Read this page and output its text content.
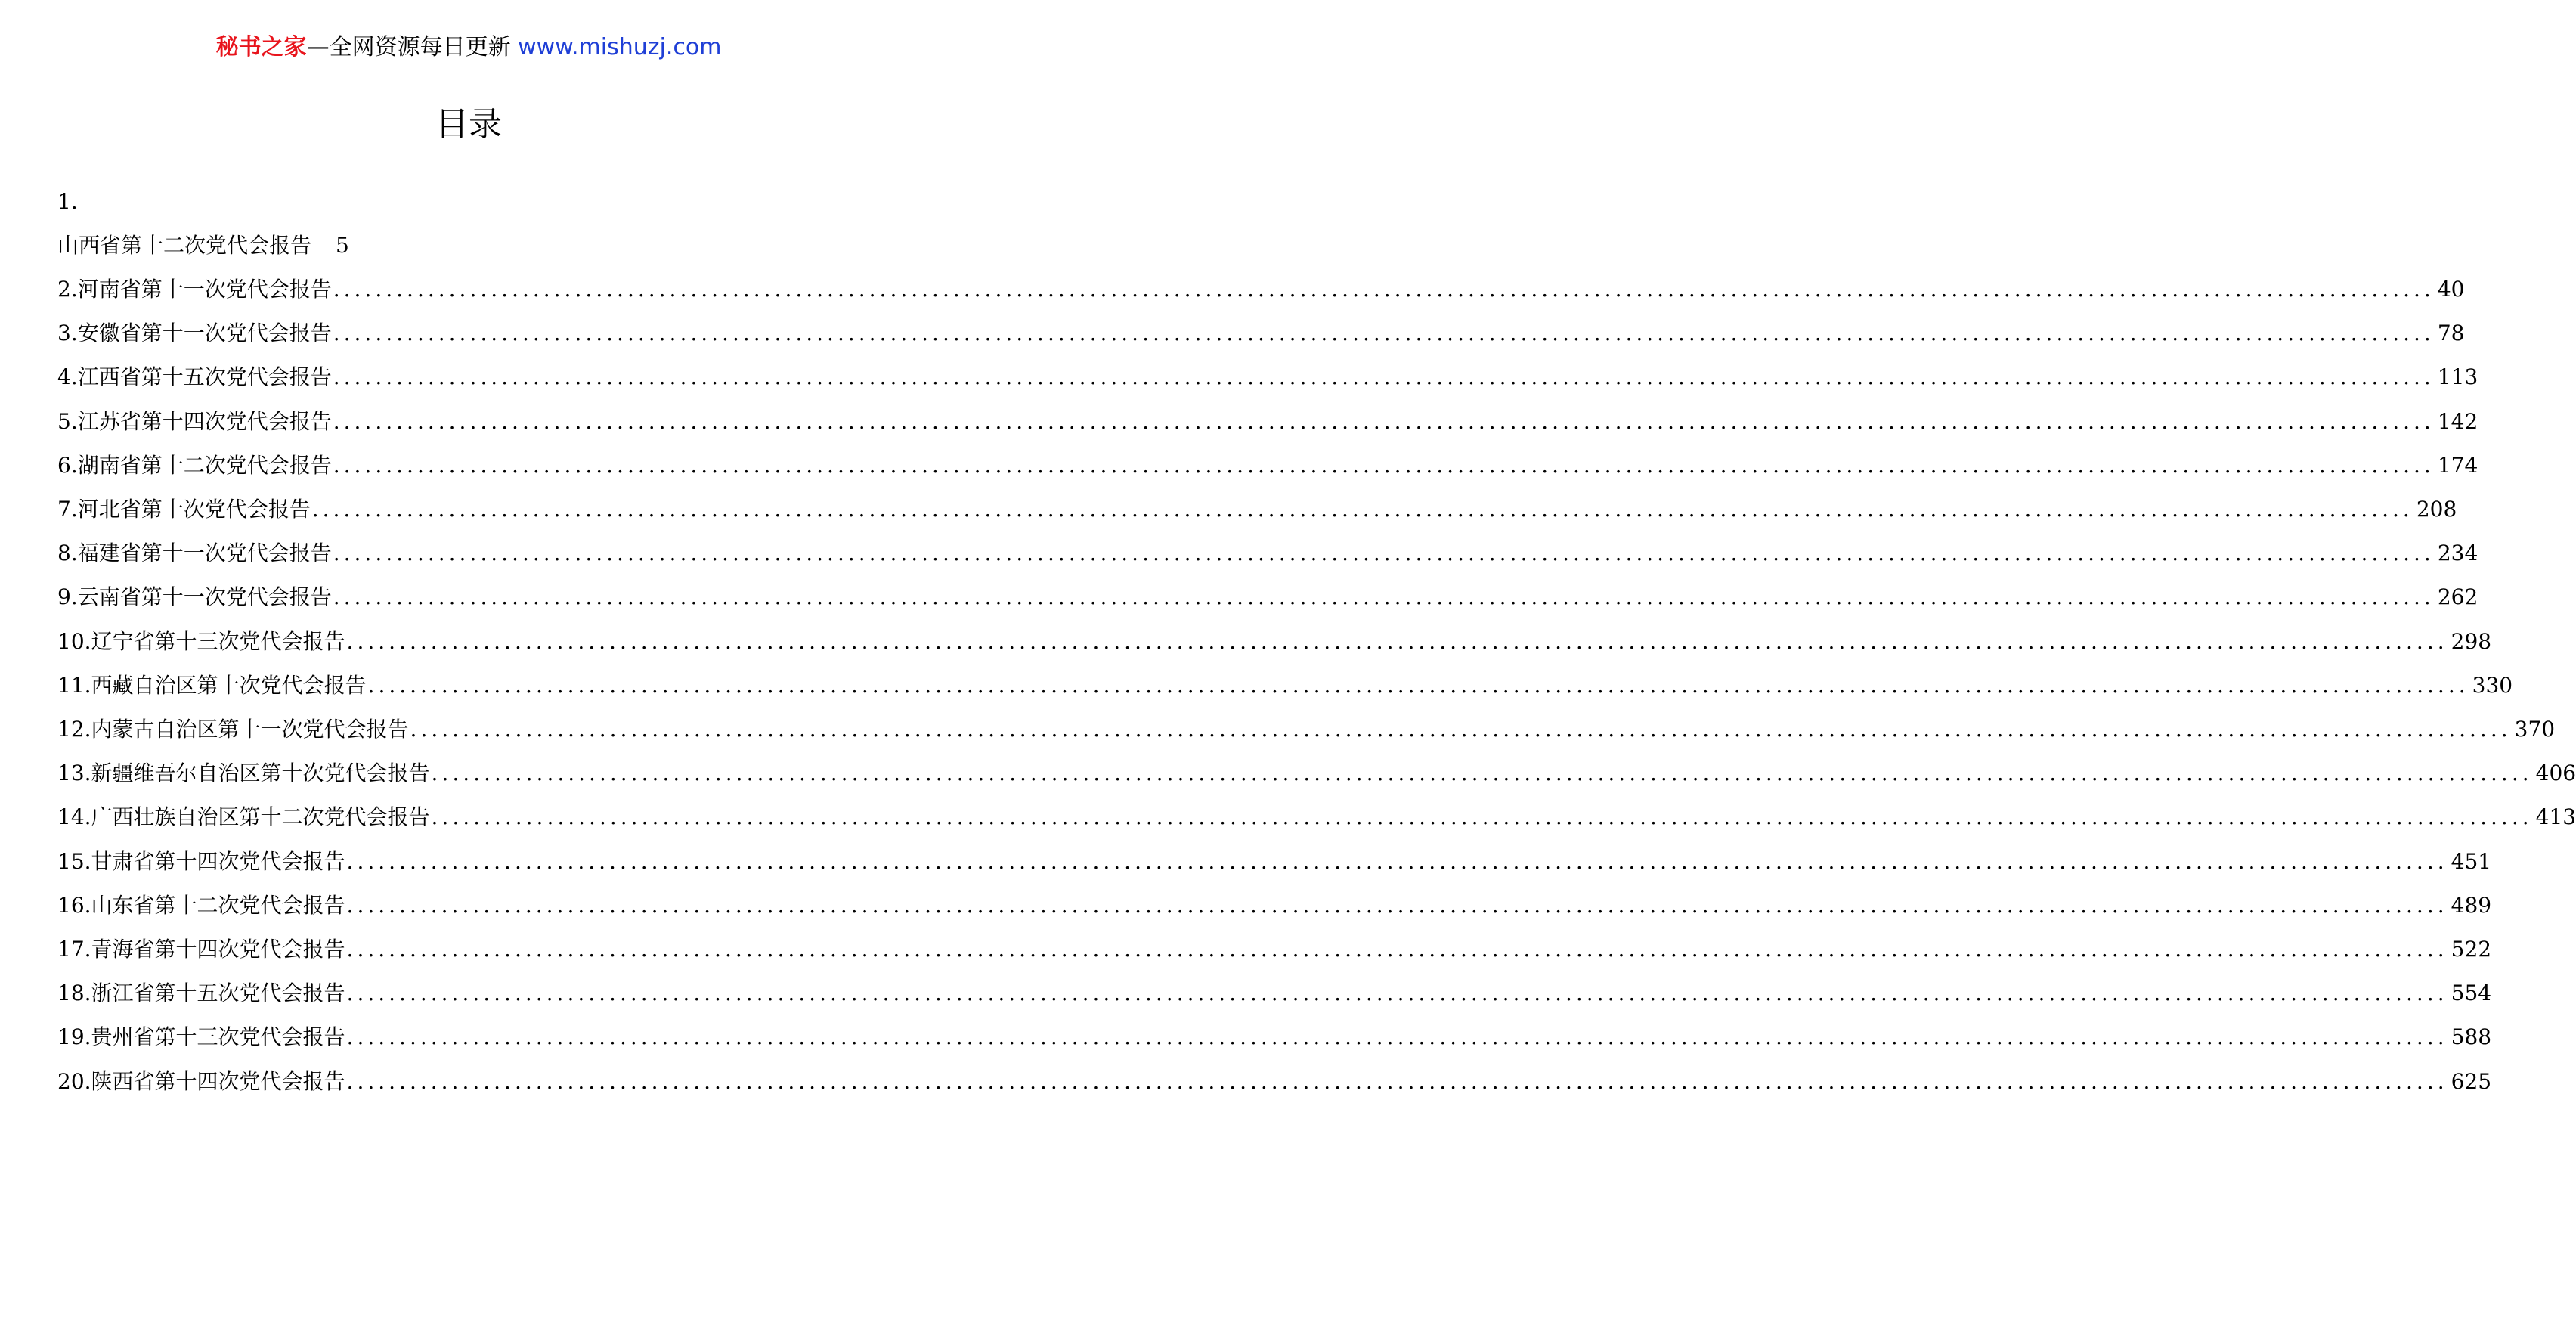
秘书之家—全网资源每日更新 www.mishuzj.com
目录
1.
山西省第十二次党代会报告 5
2. 河南省第十一次党代会报告 ........................................................................................................................................................................................................ 40
3. 安徽省第十一次党代会报告 ........................................................................................................................................................................................................ 78
4. 江西省第十五次党代会报告 ........................................................................................................................................................................................................ 113
5. 江苏省第十四次党代会报告 ........................................................................................................................................................................................................ 142
6. 湖南省第十二次党代会报告 ........................................................................................................................................................................................................ 174
7. 河北省第十次党代会报告 ........................................................................................................................................................................................................ 208
8. 福建省第十一次党代会报告 ........................................................................................................................................................................................................ 234
9. 云南省第十一次党代会报告 ........................................................................................................................................................................................................ 262
10. 辽宁省第十三次党代会报告 ........................................................................................................................................................................................................ 298
11. 西藏自治区第十次党代会报告 ........................................................................................................................................................................................................ 330
12. 内蒙古自治区第十一次党代会报告 ........................................................................................................................................................................................................ 370
13. 新疆维吾尔自治区第十次党代会报告 ........................................................................................................................................................................................................ 406
14. 广西壮族自治区第十二次党代会报告 ........................................................................................................................................................................................................ 413
15. 甘肃省第十四次党代会报告 ........................................................................................................................................................................................................ 451
16. 山东省第十二次党代会报告 ........................................................................................................................................................................................................ 489
17. 青海省第十四次党代会报告 ........................................................................................................................................................................................................ 522
18. 浙江省第十五次党代会报告 ........................................................................................................................................................................................................ 554
19. 贵州省第十三次党代会报告 ........................................................................................................................................................................................................ 588
20. 陕西省第十四次党代会报告 ........................................................................................................................................................................................................ 625
